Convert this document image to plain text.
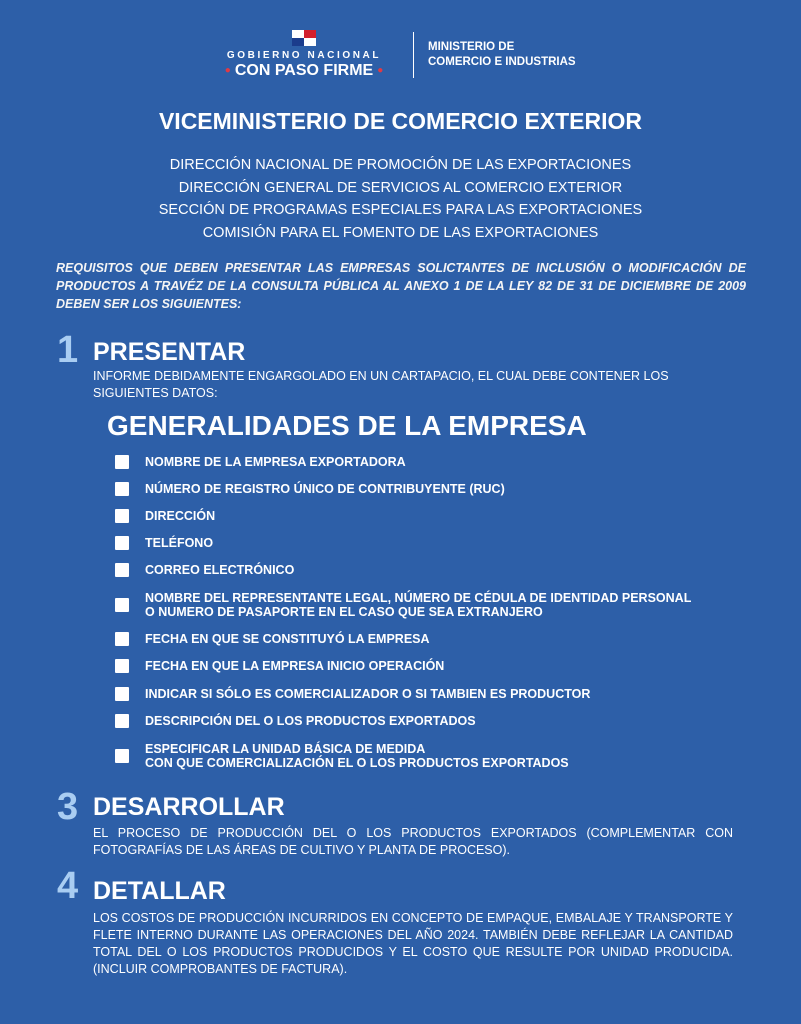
GOBIERNO NACIONAL
● CON PASO FIRME ●
MINISTERIO DE
COMERCIO E INDUSTRIAS
VICEMINISTERIO DE COMERCIO EXTERIOR
DIRECCIÓN NACIONAL DE PROMOCIÓN DE LAS EXPORTACIONES
DIRECCIÓN GENERAL DE SERVICIOS AL COMERCIO EXTERIOR
SECCIÓN DE PROGRAMAS ESPECIALES PARA LAS EXPORTACIONES
COMISIÓN PARA EL FOMENTO DE LAS EXPORTACIONES
REQUISITOS QUE DEBEN PRESENTAR LAS EMPRESAS SOLICTANTES DE INCLUSIÓN O MODIFICACIÓN DE PRODUCTOS A TRAVÉZ DE LA CONSULTA PÚBLICA AL ANEXO 1 DE LA LEY 82 DE 31 DE DICIEMBRE DE 2009 DEBEN SER LOS SIGUIENTES:
1 PRESENTAR
INFORME DEBIDAMENTE ENGARGOLADO EN UN CARTAPACIO, EL CUAL DEBE CONTENER LOS SIGUIENTES DATOS:
GENERALIDADES DE LA EMPRESA
NOMBRE DE LA EMPRESA EXPORTADORA
NÚMERO DE REGISTRO ÚNICO DE CONTRIBUYENTE (RUC)
DIRECCIÓN
TELÉFONO
CORREO ELECTRÓNICO
NOMBRE DEL REPRESENTANTE LEGAL, NÚMERO DE CÉDULA DE IDENTIDAD PERSONAL
O NUMERO DE PASAPORTE EN EL CASO QUE SEA EXTRANJERO
FECHA EN QUE SE CONSTITUYÓ LA EMPRESA
FECHA EN QUE LA EMPRESA INICIO OPERACIÓN
INDICAR SI SÓLO ES COMERCIALIZADOR O SI TAMBIEN ES PRODUCTOR
DESCRIPCIÓN DEL O LOS PRODUCTOS EXPORTADOS
ESPECIFICAR LA UNIDAD BÁSICA DE MEDIDA
CON QUE COMERCIALIZACIÓN EL O LOS PRODUCTOS EXPORTADOS
3 DESARROLLAR
EL PROCESO DE PRODUCCIÓN DEL O LOS PRODUCTOS EXPORTADOS (COMPLEMENTAR CON FOTOGRAFÍAS DE LAS ÁREAS DE CULTIVO Y PLANTA DE PROCESO).
4 DETALLAR
LOS COSTOS DE PRODUCCIÓN INCURRIDOS EN CONCEPTO DE EMPAQUE, EMBALAJE Y TRANSPORTE Y FLETE INTERNO DURANTE LAS OPERACIONES DEL AÑO 2024. TAMBIÉN DEBE REFLEJAR LA CANTIDAD TOTAL DEL O LOS PRODUCTOS PRODUCIDOS Y EL COSTO QUE RESULTE POR UNIDAD PRODUCIDA. (INCLUIR COMPROBANTES DE FACTURA).
